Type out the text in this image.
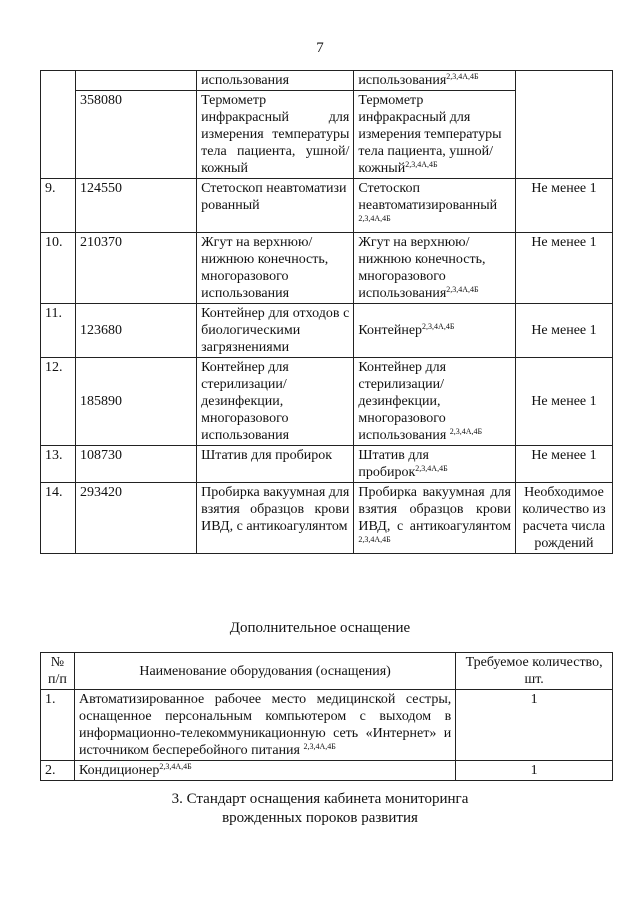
7
		использования	использования$^{2,3,4А,4Б}$	
	358080	Термометр инфракрасный для измерения температуры тела пациента, ушной/кожный	Термометр инфракрасный для измерения температуры тела пациента, ушной/ кожный$^{2,3,4А,4Б}$
9.	124550	Стетоскоп неавтоматизированный	Стетоскоп неавтоматизированный $^{2,3,4А,4Б}$	Не менее 1
10.	210370	Жгут на верхнюю/нижнюю конечность, многоразового использования	Жгут на верхнюю/нижнюю конечность, многоразового использования$^{2,3,4А,4Б}$	Не менее 1
11.	123680	Контейнер для отходов с биологическими загрязнениями	Контейнер$^{2,3,4А,4Б}$	Не менее 1
12.	185890	Контейнер для стерилизации/ дезинфекции, многоразового использования	Контейнер для стерилизации/ дезинфекции, многоразового использования $^{2,3,4А,4Б}$	Не менее 1
13.	108730	Штатив для пробирок	Штатив для пробирок$^{2,3,4А,4Б}$	Не менее 1
14.	293420	Пробирка вакуумная для взятия образцов крови ИВД, с антикоагулянтом	Пробирка вакуумная для взятия образцов крови ИВД, с антикоагулянтом $^{2,3,4А,4Б}$	Необходимое количество из расчета числа рождений
Дополнительное оснащение
№ п/п	Наименование оборудования (оснащения)	Требуемое количество, шт.
1.	Автоматизированное рабочее место медицинской сестры, оснащенное персональным компьютером с выходом в информационно-телекоммуникационную сеть «Интернет» и источником бесперебойного питания $^{2,3,4А,4Б}$	1
2.	Кондиционер$^{2,3,4А,4Б}$	1
3. Стандарт оснащения кабинета мониторинга
врожденных пороков развития
